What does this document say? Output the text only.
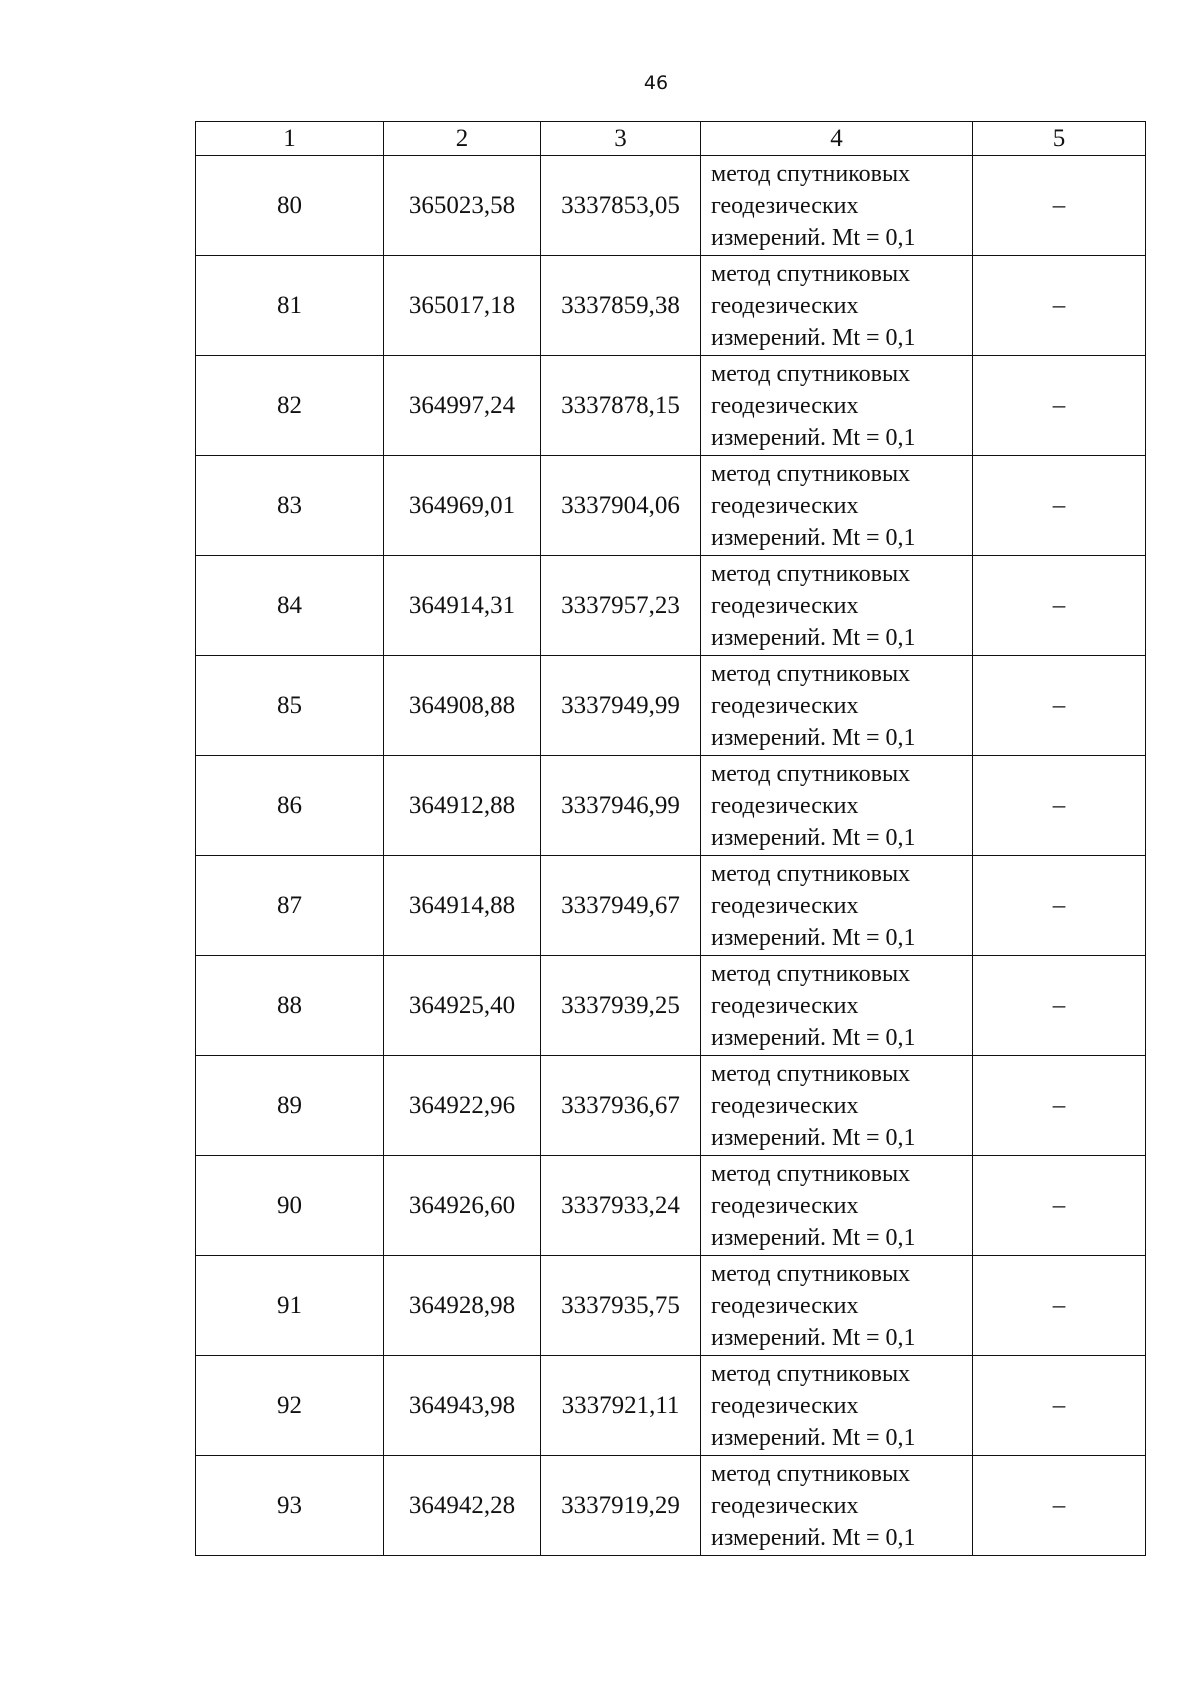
46
1	2	3	4	5
80	365023,58	3337853,05	метод спутниковых
геодезических
измерений. Mt = 0,1	–
81	365017,18	3337859,38	метод спутниковых
геодезических
измерений. Mt = 0,1	–
82	364997,24	3337878,15	метод спутниковых
геодезических
измерений. Mt = 0,1	–
83	364969,01	3337904,06	метод спутниковых
геодезических
измерений. Mt = 0,1	–
84	364914,31	3337957,23	метод спутниковых
геодезических
измерений. Mt = 0,1	–
85	364908,88	3337949,99	метод спутниковых
геодезических
измерений. Mt = 0,1	–
86	364912,88	3337946,99	метод спутниковых
геодезических
измерений. Mt = 0,1	–
87	364914,88	3337949,67	метод спутниковых
геодезических
измерений. Mt = 0,1	–
88	364925,40	3337939,25	метод спутниковых
геодезических
измерений. Mt = 0,1	–
89	364922,96	3337936,67	метод спутниковых
геодезических
измерений. Mt = 0,1	–
90	364926,60	3337933,24	метод спутниковых
геодезических
измерений. Mt = 0,1	–
91	364928,98	3337935,75	метод спутниковых
геодезических
измерений. Mt = 0,1	–
92	364943,98	3337921,11	метод спутниковых
геодезических
измерений. Mt = 0,1	–
93	364942,28	3337919,29	метод спутниковых
геодезических
измерений. Mt = 0,1	–
